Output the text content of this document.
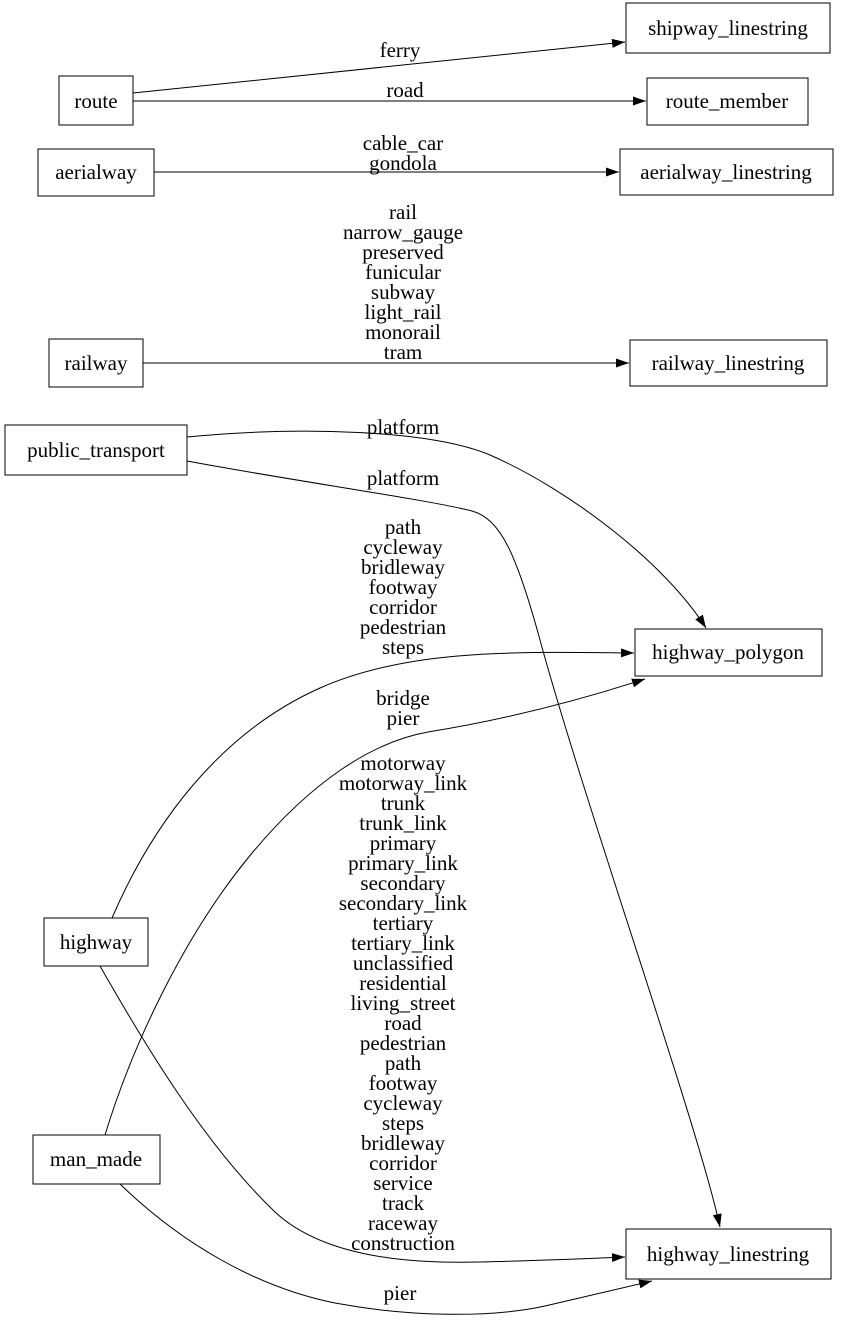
ferry
road
cable_car gondola
rail narrow_gauge preserved funicular subway light_rail monorail tram
platform
platform
path cycleway bridleway footway corridor pedestrian steps
bridge pier
motorway motorway_link trunk trunk_link primary primary_link secondary secondary_link tertiary tertiary_link unclassified residential living_street road pedestrian path footway cycleway steps bridleway corridor service track raceway construction
pier
route
aerialway
railway
public_transport
highway
man_made
shipway_linestring
route_member
aerialway_linestring
railway_linestring
highway_polygon
highway_linestring
